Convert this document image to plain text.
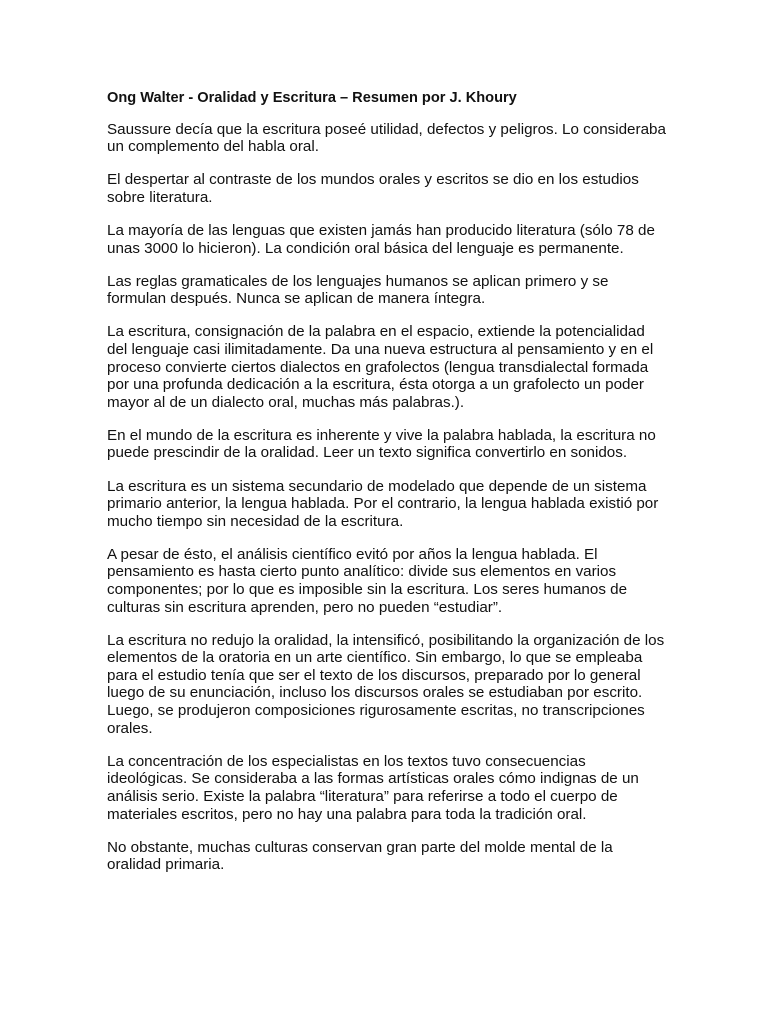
Ong Walter - Oralidad y Escritura – Resumen por J. Khoury
Saussure decía que la escritura poseé utilidad, defectos y peligros. Lo consideraba
un complemento del habla oral.
El despertar al contraste de los mundos orales y escritos se dio en los estudios
sobre literatura.
La mayoría de las lenguas que existen jamás han producido literatura (sólo 78 de
unas 3000 lo hicieron). La condición oral básica del lenguaje es permanente.
Las reglas gramaticales de los lenguajes humanos se aplican primero y se
formulan después. Nunca se aplican de manera íntegra.
La escritura, consignación de la palabra en el espacio, extiende la potencialidad
del lenguaje casi ilimitadamente. Da una nueva estructura al pensamiento y en el
proceso convierte ciertos dialectos en grafolectos (lengua transdialectal formada
por una profunda dedicación a la escritura, ésta otorga a un grafolecto un poder
mayor al de un dialecto oral, muchas más palabras.).
En el mundo de la escritura es inherente y vive la palabra hablada, la escritura no
puede prescindir de la oralidad. Leer un texto significa convertirlo en sonidos.
La escritura es un sistema secundario de modelado que depende de un sistema
primario anterior, la lengua hablada. Por el contrario, la lengua hablada existió por
mucho tiempo sin necesidad de la escritura.
A pesar de ésto, el análisis científico evitó por años la lengua hablada. El
pensamiento es hasta cierto punto analítico: divide sus elementos en varios
componentes; por lo que es imposible sin la escritura. Los seres humanos de
culturas sin escritura aprenden, pero no pueden “estudiar”.
La escritura no redujo la oralidad, la intensificó, posibilitando la organización de los
elementos de la oratoria en un arte científico. Sin embargo, lo que se empleaba
para el estudio tenía que ser el texto de los discursos, preparado por lo general
luego de su enunciación, incluso los discursos orales se estudiaban por escrito.
Luego, se produjeron composiciones rigurosamente escritas, no transcripciones
orales.
La concentración de los especialistas en los textos tuvo consecuencias
ideológicas. Se consideraba a las formas artísticas orales cómo indignas de un
análisis serio. Existe la palabra “literatura” para referirse a todo el cuerpo de
materiales escritos, pero no hay una palabra para toda la tradición oral.
No obstante, muchas culturas conservan gran parte del molde mental de la
oralidad primaria.
